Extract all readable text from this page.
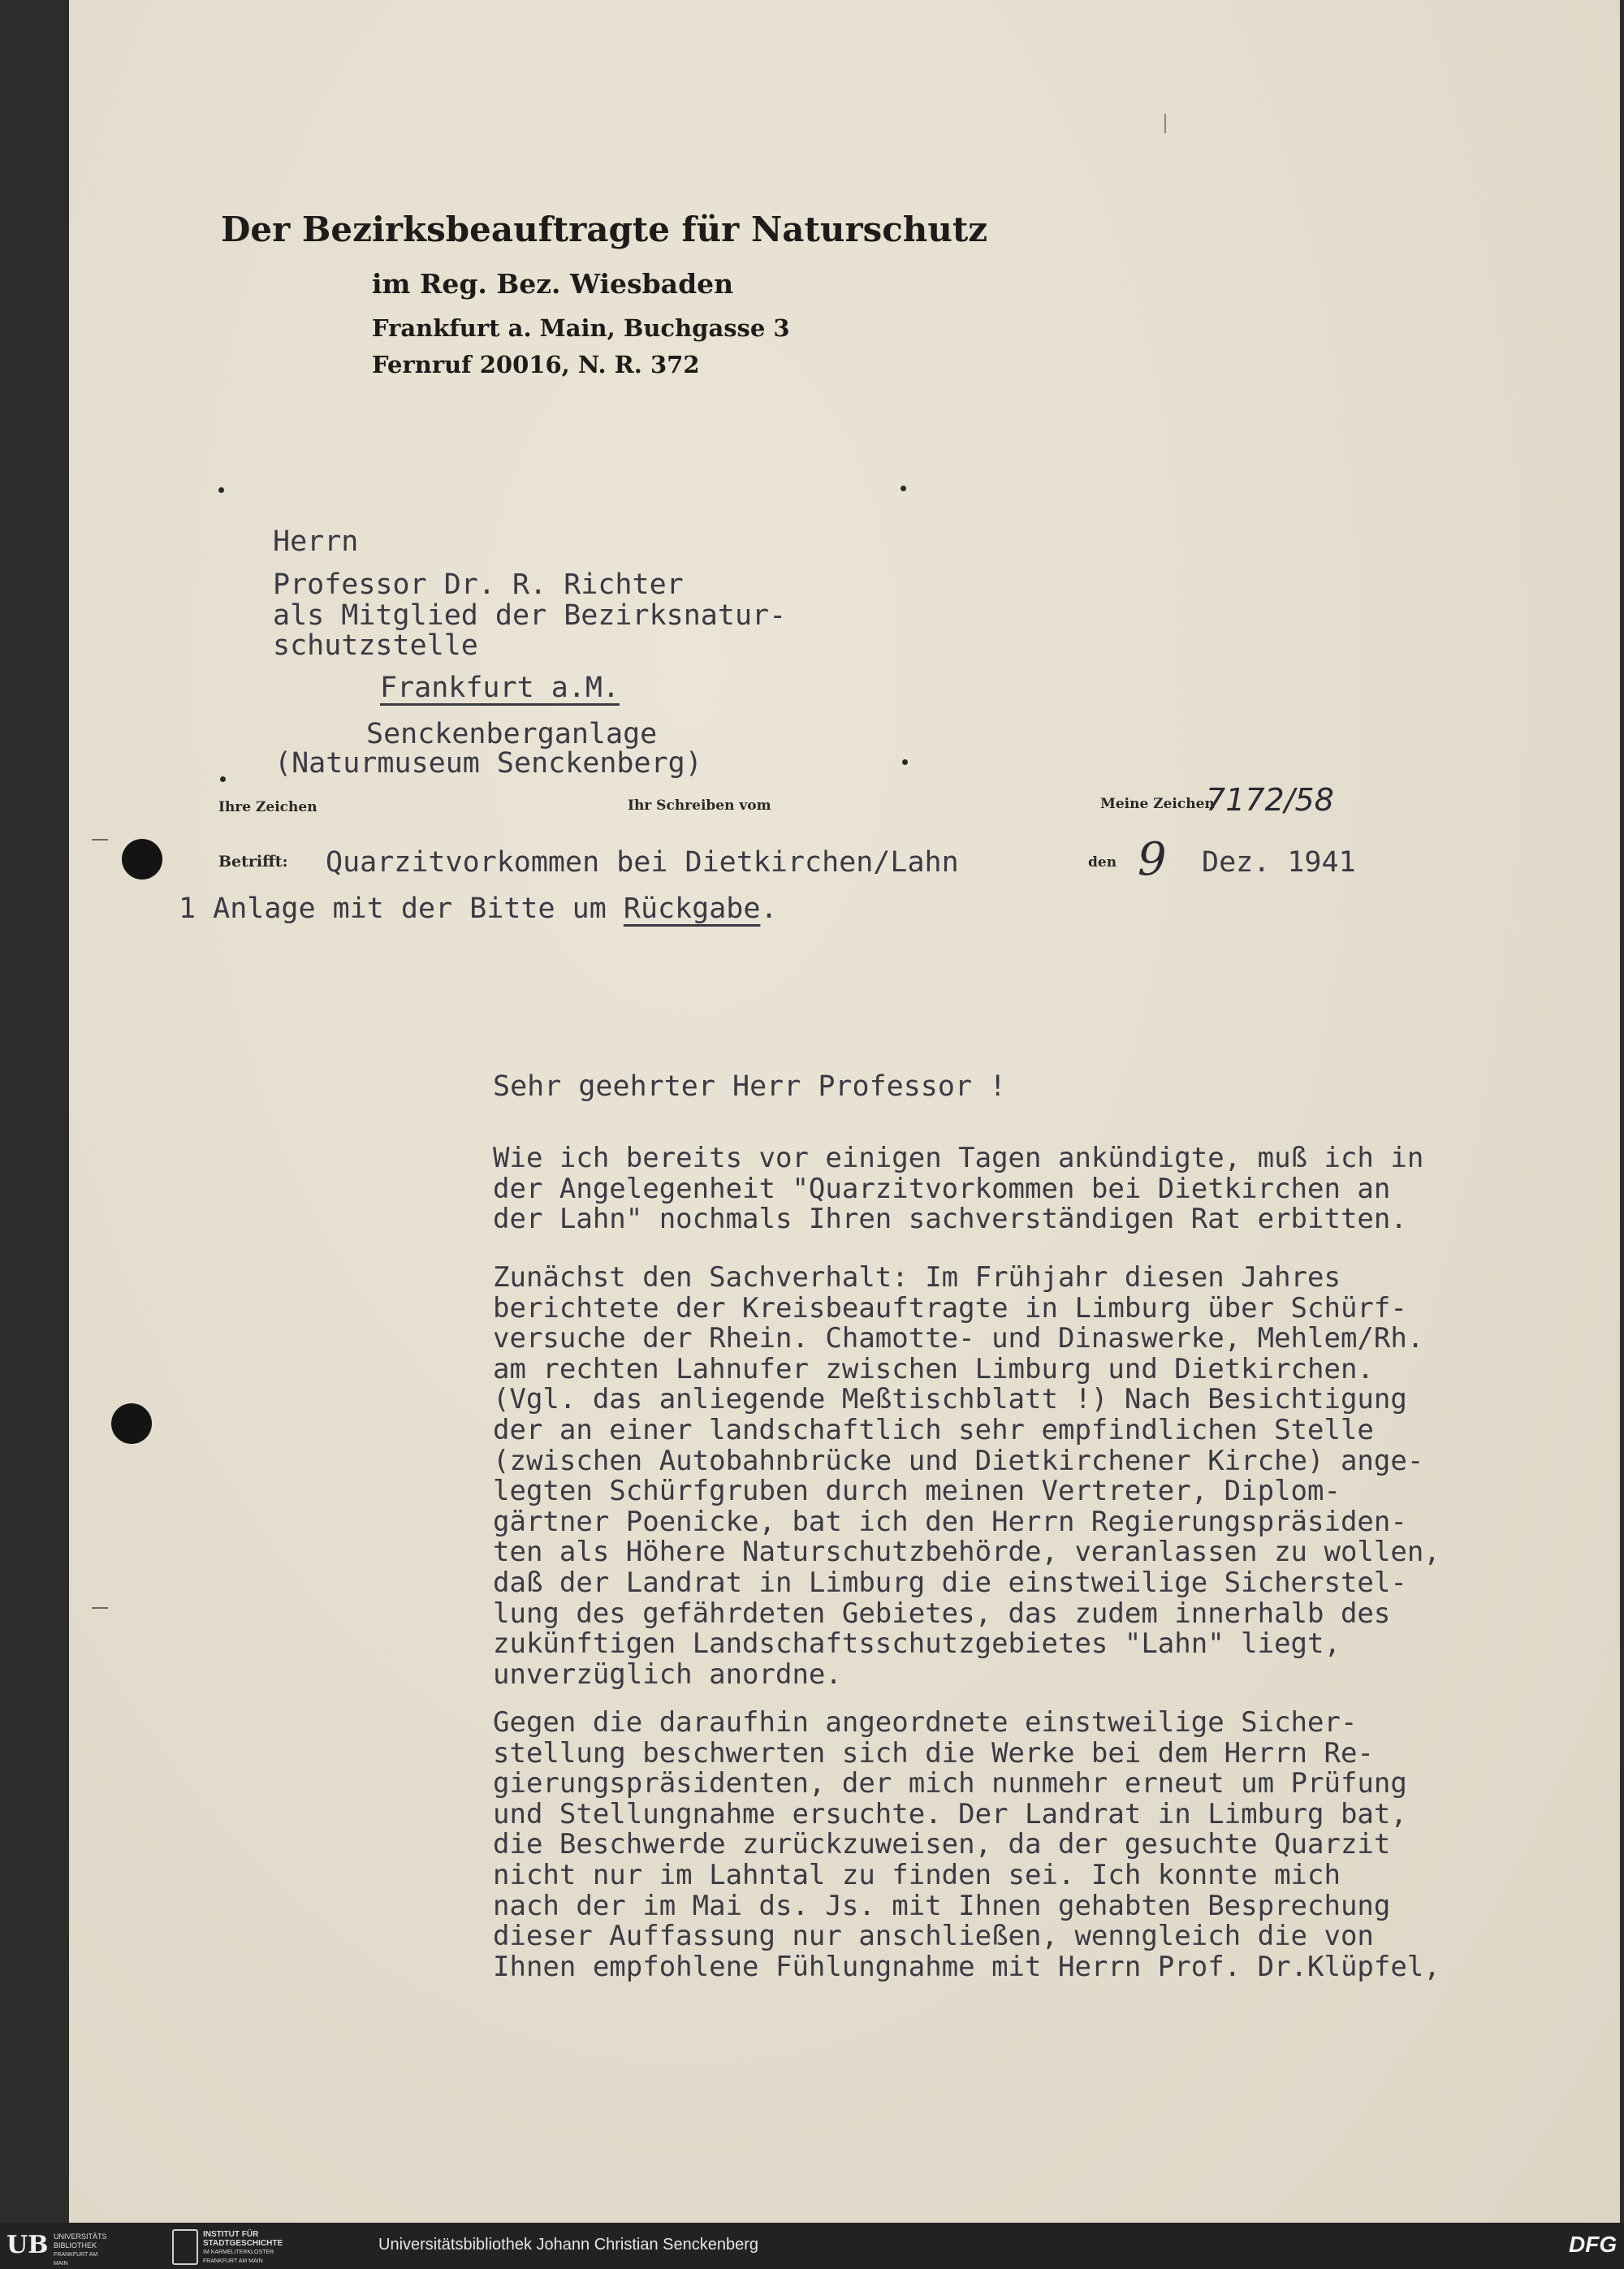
Der Bezirksbeauftragte für Naturschutz
im Reg. Bez. Wiesbaden
Frankfurt a. Main, Buchgasse 3
Fernruf 20016, N. R. 372
Herrn
Professor Dr. R. Richter
als Mitglied der Bezirksnatur-
schutzstelle
Frankfurt a.M.
Senckenberganlage
(Naturmuseum Senckenberg)
Ihre Zeichen	Ihr Schreiben vom	Meine Zeichen
7172/58
Betrifft: Quarzitvorkommen bei Dietkirchen/Lahn	den 9 Dez. 1941
1 Anlage mit der Bitte um Rückgabe.
Sehr geehrter Herr Professor !
Wie ich bereits vor einigen Tagen ankündigte, muß ich in
der Angelegenheit "Quarzitvorkommen bei Dietkirchen an
der Lahn" nochmals Ihren sachverständigen Rat erbitten.
Zunächst den Sachverhalt: Im Frühjahr diesen Jahres
berichtete der Kreisbeauftragte in Limburg über Schürf-
versuche der Rhein. Chamotte- und Dinaswerke, Mehlem/Rh.
am rechten Lahnufer zwischen Limburg und Dietkirchen.
(Vgl. das anliegende Meßtischblatt !) Nach Besichtigung
der an einer landschaftlich sehr empfindlichen Stelle
(zwischen Autobahnbrücke und Dietkirchener Kirche) ange-
legten Schürfgruben durch meinen Vertreter, Diplom-
gärtner Poenicke, bat ich den Herrn Regierungspräsiden-
ten als Höhere Naturschutzbehörde, veranlassen zu wollen,
daß der Landrat in Limburg die einstweilige Sicherstel-
lung des gefährdeten Gebietes, das zudem innerhalb des
zukünftigen Landschaftsschutzgebietes "Lahn" liegt,
unverzüglich anordne.
Gegen die daraufhin angeordnete einstweilige Sicher-
stellung beschwerten sich die Werke bei dem Herrn Re-
gierungspräsidenten, der mich nunmehr erneut um Prüfung
und Stellungnahme ersuchte. Der Landrat in Limburg bat,
die Beschwerde zurückzuweisen, da der gesuchte Quarzit
nicht nur im Lahntal zu finden sei. Ich konnte mich
nach der im Mai ds. Js. mit Ihnen gehabten Besprechung
dieser Auffassung nur anschließen, wenngleich die von
Ihnen empfohlene Fühlungnahme mit Herrn Prof. Dr.Klüpfel,
UB UNIVERSITÄTS
BIBLIOTHEK
FRANKFURT AM MAIN
INSTITUT FÜR
STADTGESCHICHTE
IM KARMELITERKLOSTER
FRANKFURT AM MAIN
Universitätsbibliothek Johann Christian Senckenberg	DFG
